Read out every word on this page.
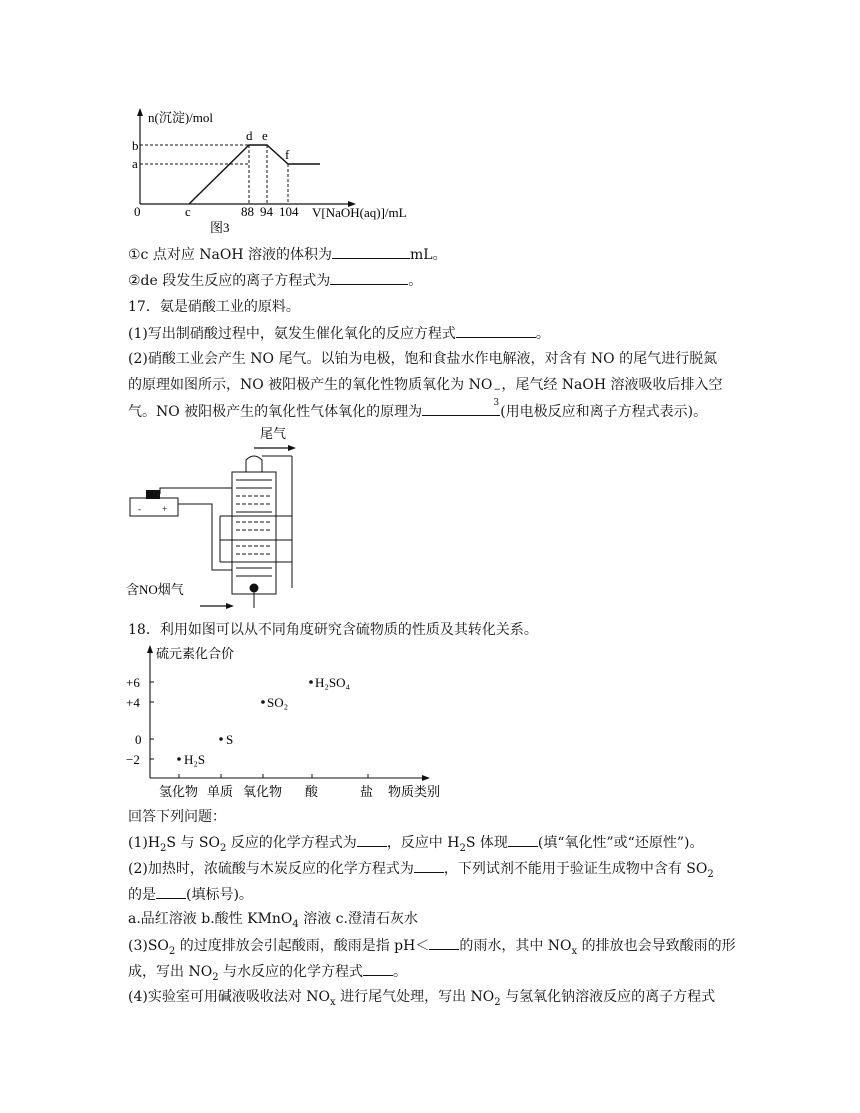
n(沉淀)/mol
b
a
0	c
d e
f
88 94 104 V[NaOH(aq)]/mL
图3
①c 点对应 NaOH 溶液的体积为	mL。
②de 段发生反应的离子方程式为	。
17．氨是硝酸工业的原料。
(1)写出制硝酸过程中，氨发生催化氧化的反应方程式	。
(2)硝酸工业会产生 NO 尾气。以铂为电极，饱和食盐水作电解液，对含有 NO 的尾气进行脱氮
的原理如图所示，NO 被阳极产生的氧化性物质氧化为 NO −
3
，尾气经 NaOH 溶液吸收后排入空
气。NO 被阳极产生的氧化性气体氧化的原理为	(用电极反应和离子方程式表示)。
尾气
- +
含NO烟气
18．利用如图可以从不同角度研究含硫物质的性质及其转化关系。
硫元素化合价
+6
+4
0
−2
氢化物 单质 氧化物 酸	盐 物质类别
H₂S
S
SO₂
H₂SO₄
回答下列问题：
$(1)H_2S$ 与 $SO_2$ 反应的化学方程式为 ，反应中 $H_2S$ 体现 (填“氧化性”或“还原性”)。
(2)加热时，浓硫酸与木炭反应的化学方程式为 ，下列试剂不能用于验证生成物中含有 $SO_2$
的是 (填标号)。
a.品红溶液 b.酸性 KMnO$_4$ 溶液 c.澄清石灰水
$(3)SO_2$ 的过度排放会引起酸雨，酸雨是指 pH＜ 的雨水，其中 $NO_x$ 的排放也会导致酸雨的形
成，写出 $NO_2$ 与水反应的化学方程式 。
(4)实验室可用碱液吸收法对 $NO_x$ 进行尾气处理，写出 $NO_2$ 与氢氧化钠溶液反应的离子方程式
